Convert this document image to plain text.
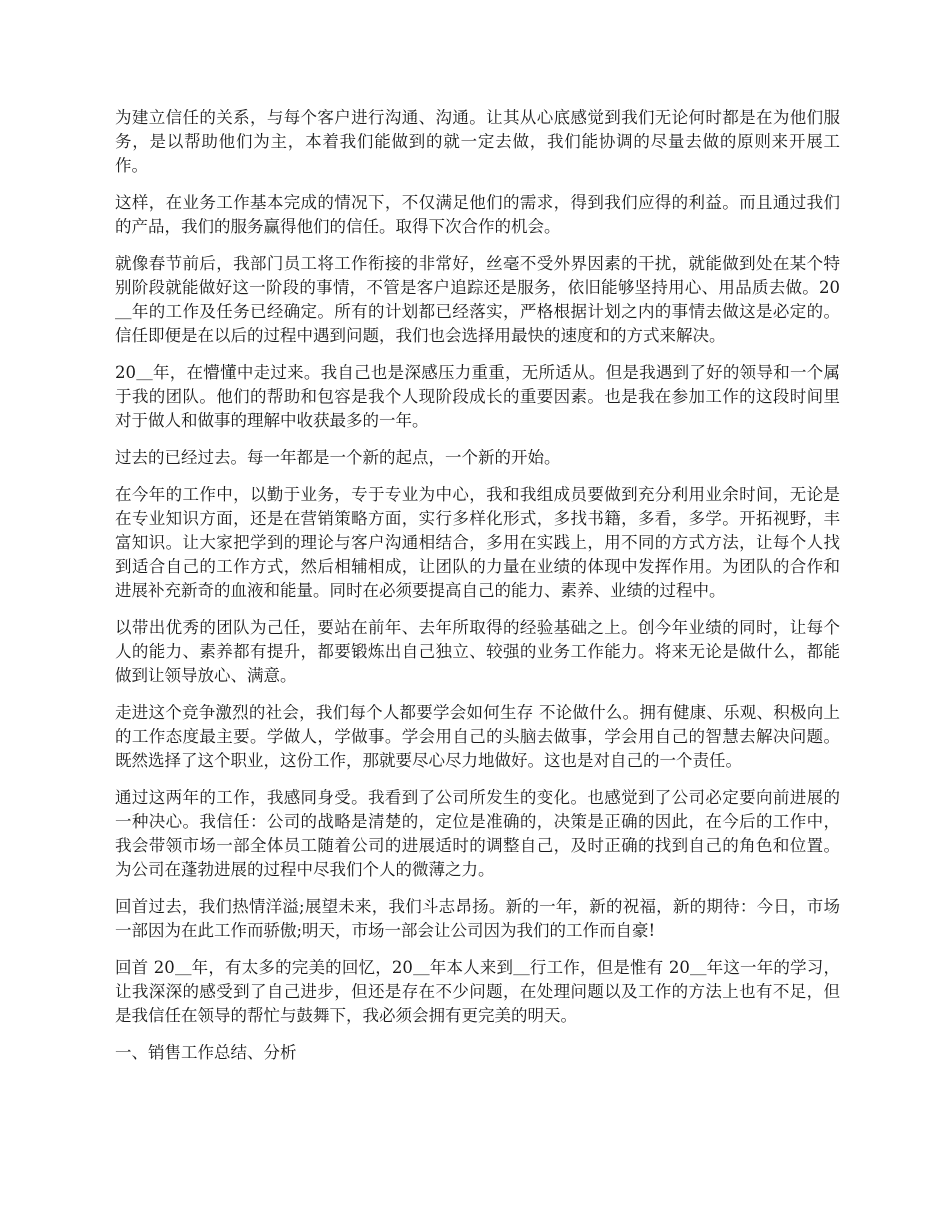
为建立信任的关系，与每个客户进行沟通、沟通。让其从心底感觉到我们无论何时都是在为他们服务，是以帮助他们为主，本着我们能做到的就一定去做，我们能协调的尽量去做的原则来开展工作。

这样，在业务工作基本完成的情况下，不仅满足他们的需求，得到我们应得的利益。而且通过我们的产品，我们的服务赢得他们的信任。取得下次合作的机会。

就像春节前后，我部门员工将工作衔接的非常好，丝毫不受外界因素的干扰，就能做到处在某个特别阶段就能做好这一阶段的事情，不管是客户追踪还是服务，依旧能够坚持用心、用品质去做。20＿年的工作及任务已经确定。所有的计划都已经落实，严格根据计划之内的事情去做这是必定的。信任即便是在以后的过程中遇到问题，我们也会选择用最快的速度和的方式来解决。

20＿年，在懵懂中走过来。我自己也是深感压力重重，无所适从。但是我遇到了好的领导和一个属于我的团队。他们的帮助和包容是我个人现阶段成长的重要因素。也是我在参加工作的这段时间里对于做人和做事的理解中收获最多的一年。

过去的已经过去。每一年都是一个新的起点，一个新的开始。

在今年的工作中，以勤于业务，专于专业为中心，我和我组成员要做到充分利用业余时间，无论是在专业知识方面，还是在营销策略方面，实行多样化形式，多找书籍，多看，多学。开拓视野，丰富知识。让大家把学到的理论与客户沟通相结合，多用在实践上，用不同的方式方法，让每个人找到适合自己的工作方式，然后相辅相成，让团队的力量在业绩的体现中发挥作用。为团队的合作和进展补充新奇的血液和能量。同时在必须要提高自己的能力、素养、业绩的过程中。

以带出优秀的团队为己任，要站在前年、去年所取得的经验基础之上。创今年业绩的同时，让每个人的能力、素养都有提升，都要锻炼出自己独立、较强的业务工作能力。将来无论是做什么，都能做到让领导放心、满意。

走进这个竞争激烈的社会，我们每个人都要学会如何生存 不论做什么。拥有健康、乐观、积极向上的工作态度最主要。学做人，学做事。学会用自己的头脑去做事，学会用自己的智慧去解决问题。既然选择了这个职业，这份工作，那就要尽心尽力地做好。这也是对自己的一个责任。

通过这两年的工作，我感同身受。我看到了公司所发生的变化。也感觉到了公司必定要向前进展的一种决心。我信任：公司的战略是清楚的，定位是准确的，决策是正确的因此，在今后的工作中，我会带领市场一部全体员工随着公司的进展适时的调整自己，及时正确的找到自己的角色和位置。为公司在蓬勃进展的过程中尽我们个人的微薄之力。

回首过去，我们热情洋溢;展望未来，我们斗志昂扬。新的一年，新的祝福，新的期待：今日，市场一部因为在此工作而骄傲;明天，市场一部会让公司因为我们的工作而自豪!

回首 20＿年，有太多的完美的回忆，20＿年本人来到＿行工作，但是惟有 20＿年这一年的学习，让我深深的感受到了自己进步，但还是存在不少问题，在处理问题以及工作的方法上也有不足，但是我信任在领导的帮忙与鼓舞下，我必须会拥有更完美的明天。

一、销售工作总结、分析
